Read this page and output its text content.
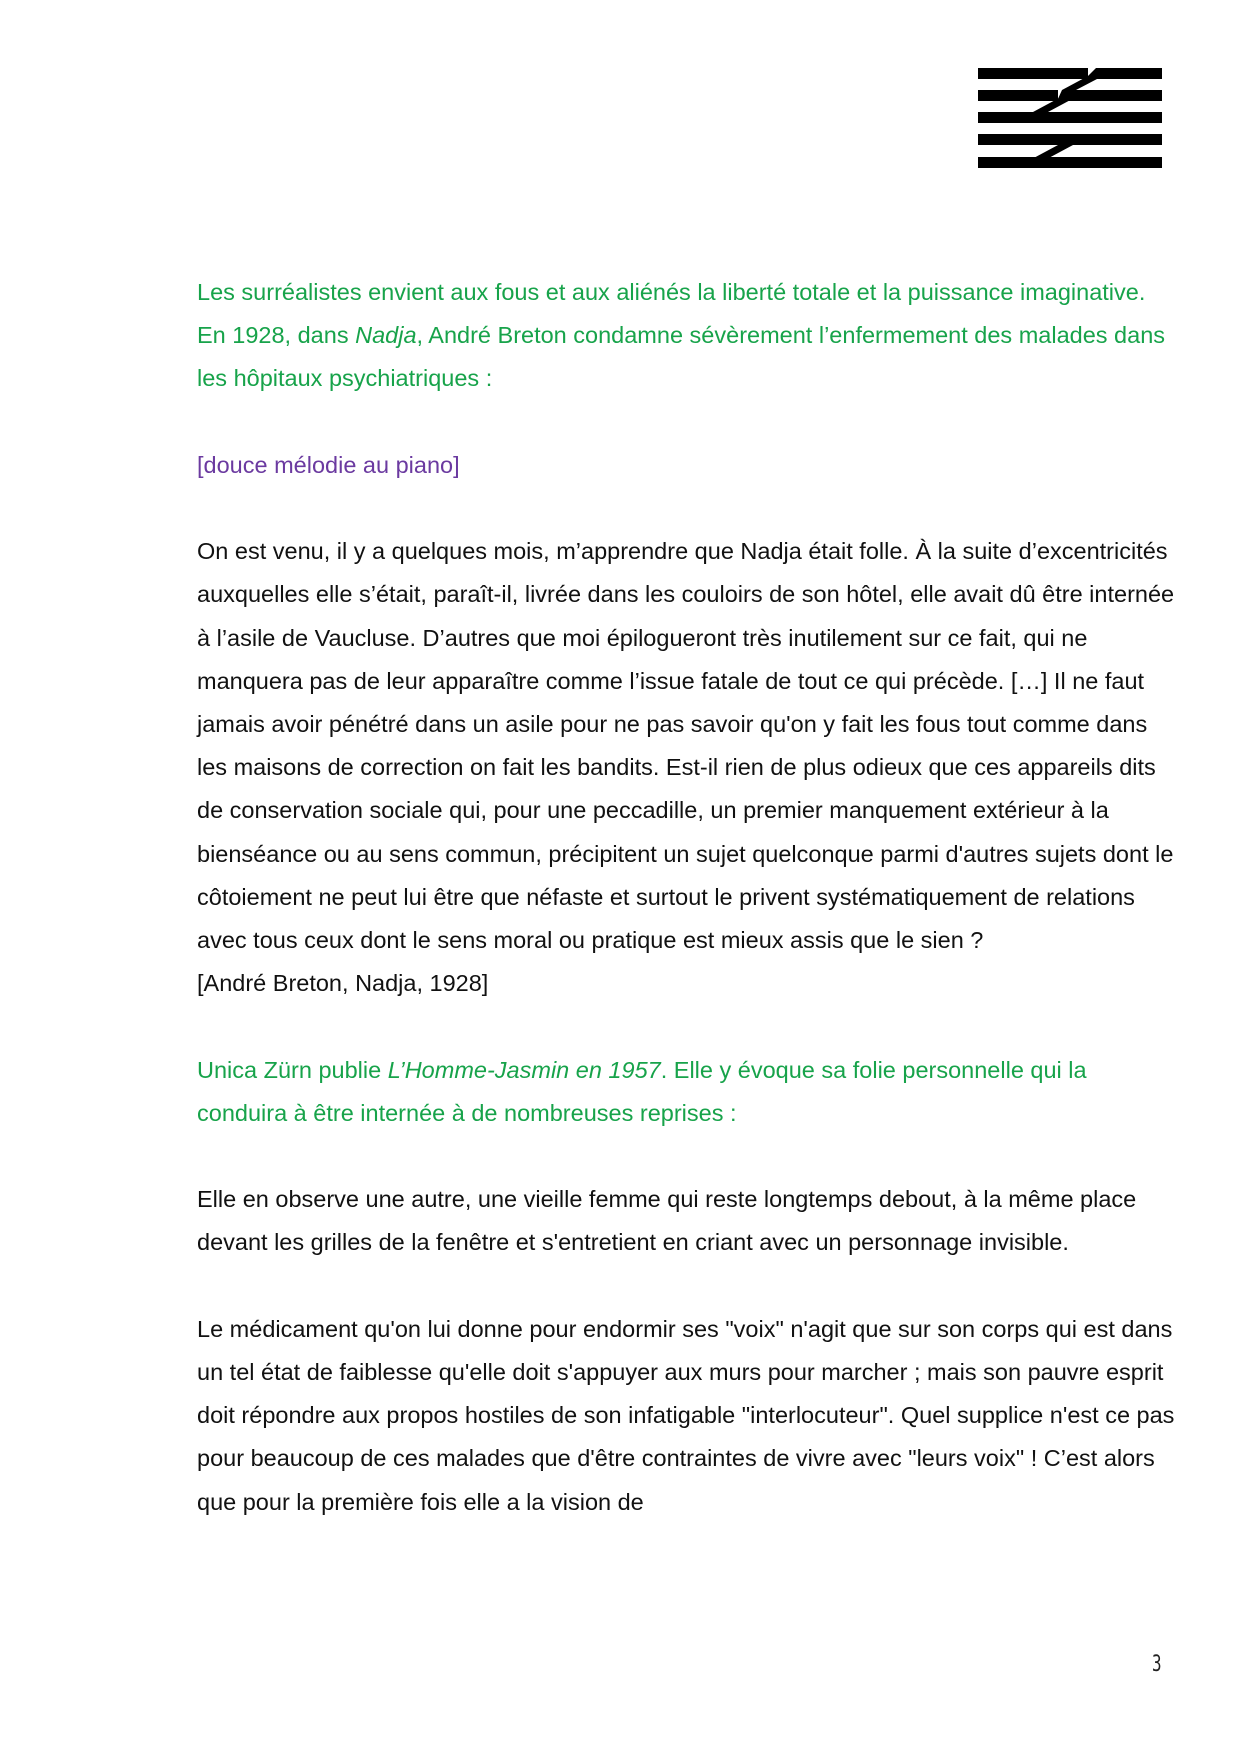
Les surréalistes envient aux fous et aux aliénés la liberté totale et la puissance imaginative. En 1928, dans Nadja, André Breton condamne sévèrement l’enfermement des malades dans les hôpitaux psychiatriques :

[douce mélodie au piano]

On est venu, il y a quelques mois, m’apprendre que Nadja était folle. À la suite d’excentricités auxquelles elle s’était, paraît-il, livrée dans les couloirs de son hôtel, elle avait dû être internée à l’asile de Vaucluse. D’autres que moi épilogueront très inutilement sur ce fait, qui ne manquera pas de leur apparaître comme l’issue fatale de tout ce qui précède. […] Il ne faut jamais avoir pénétré dans un asile pour ne pas savoir qu'on y fait les fous tout comme dans les maisons de correction on fait les bandits. Est-il rien de plus odieux que ces appareils dits de conservation sociale qui, pour une peccadille, un premier manquement extérieur à la bienséance ou au sens commun, précipitent un sujet quelconque parmi d'autres sujets dont le côtoiement ne peut lui être que néfaste et surtout le privent systématiquement de relations avec tous ceux dont le sens moral ou pratique est mieux assis que le sien ?

[André Breton, Nadja, 1928]

Unica Zürn publie L’Homme-Jasmin en 1957. Elle y évoque sa folie personnelle qui la conduira à être internée à de nombreuses reprises :

Elle en observe une autre, une vieille femme qui reste longtemps debout, à la même place devant les grilles de la fenêtre et s'entretient en criant avec un personnage invisible.

Le médicament qu'on lui donne pour endormir ses "voix" n'agit que sur son corps qui est dans un tel état de faiblesse qu'elle doit s'appuyer aux murs pour marcher ; mais son pauvre esprit doit répondre aux propos hostiles de son infatigable "interlocuteur". Quel supplice n'est ce pas pour beaucoup de ces malades que d'être contraintes de vivre avec "leurs voix" ! C’est alors que pour la première fois elle a la vision de

3
